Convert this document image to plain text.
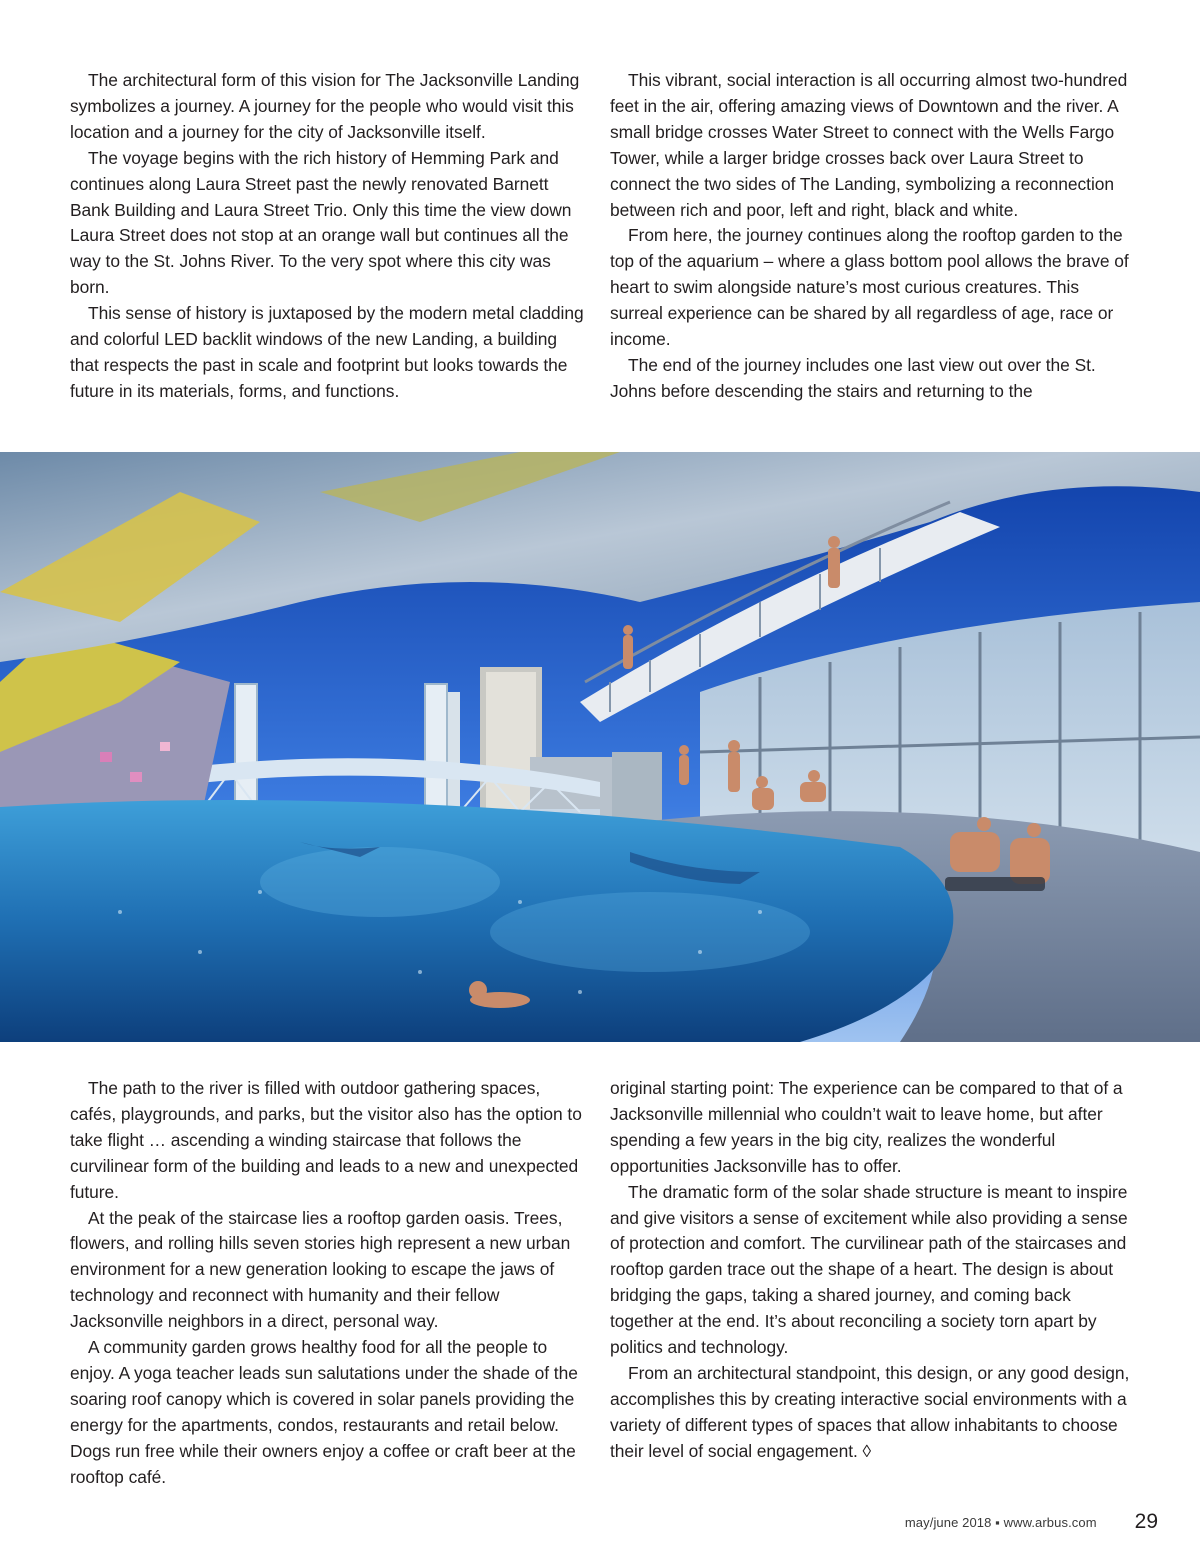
The architectural form of this vision for The Jacksonville Landing symbolizes a journey. A journey for the people who would visit this location and a journey for the city of Jacksonville itself.

The voyage begins with the rich history of Hemming Park and continues along Laura Street past the newly renovated Barnett Bank Building and Laura Street Trio. Only this time the view down Laura Street does not stop at an orange wall but continues all the way to the St. Johns River. To the very spot where this city was born.

This sense of history is juxtaposed by the modern metal cladding and colorful LED backlit windows of the new Landing, a building that respects the past in scale and footprint but looks towards the future in its materials, forms, and functions.

This vibrant, social interaction is all occurring almost two-hundred feet in the air, offering amazing views of Downtown and the river. A small bridge crosses Water Street to connect with the Wells Fargo Tower, while a larger bridge crosses back over Laura Street to connect the two sides of The Landing, symbolizing a reconnection between rich and poor, left and right, black and white.

From here, the journey continues along the rooftop garden to the top of the aquarium – where a glass bottom pool allows the brave of heart to swim alongside nature’s most curious creatures. This surreal experience can be shared by all regardless of age, race or income.

The end of the journey includes one last view out over the St. Johns before descending the stairs and returning to the

The path to the river is filled with outdoor gathering spaces, cafés, playgrounds, and parks, but the visitor also has the option to take flight … ascending a winding staircase that follows the curvilinear form of the building and leads to a new and unexpected future.

At the peak of the staircase lies a rooftop garden oasis. Trees, flowers, and rolling hills seven stories high represent a new urban environment for a new generation looking to escape the jaws of technology and reconnect with humanity and their fellow Jacksonville neighbors in a direct, personal way.

A community garden grows healthy food for all the people to enjoy. A yoga teacher leads sun salutations under the shade of the soaring roof canopy which is covered in solar panels providing the energy for the apartments, condos, restaurants and retail below. Dogs run free while their owners enjoy a coffee or craft beer at the rooftop café.

original starting point: The experience can be compared to that of a Jacksonville millennial who couldn’t wait to leave home, but after spending a few years in the big city, realizes the wonderful opportunities Jacksonville has to offer.

The dramatic form of the solar shade structure is meant to inspire and give visitors a sense of excitement while also providing a sense of protection and comfort. The curvilinear path of the staircases and rooftop garden trace out the shape of a heart. The design is about bridging the gaps, taking a shared journey, and coming back together at the end. It’s about reconciling a society torn apart by politics and technology.

From an architectural standpoint, this design, or any good design, accomplishes this by creating interactive social environments with a variety of different types of spaces that allow inhabitants to choose their level of social engagement. ◊

may/june 2018 ▪ www.arbus.com 29
